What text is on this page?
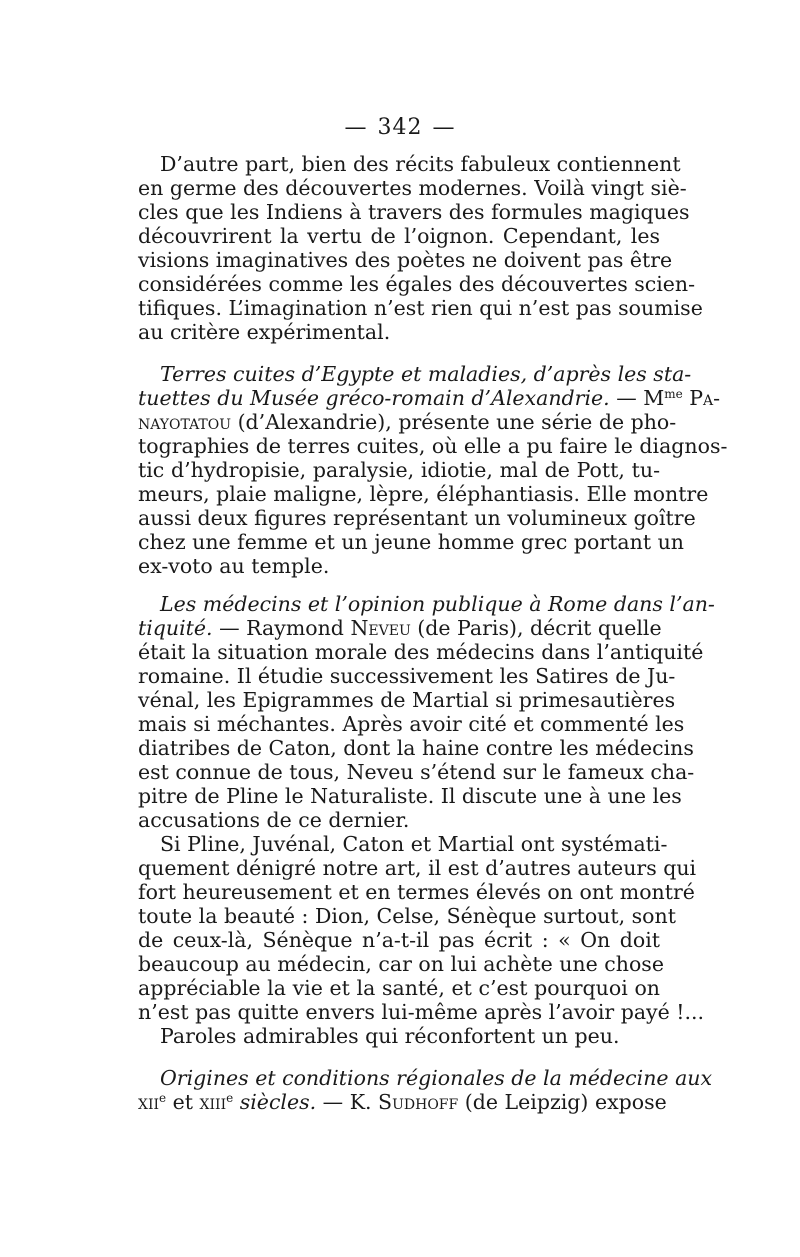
— 342 —
D’autre part, bien des récits fabuleux contiennent
en germe des découvertes modernes. Voilà vingt siè-
cles que les Indiens à travers des formules magiques
découvrirent la vertu de l’oignon. Cependant, les
visions imaginatives des poètes ne doivent pas être
considérées comme les égales des découvertes scien-
tifiques. L’imagination n’est rien qui n’est pas soumise
au critère expérimental.
Terres cuites d’Egypte et maladies, d’après les sta-
tuettes du Musée gréco-romain d’Alexandrie. — $M^{me}$ Pa-
nayotatou (d’Alexandrie), présente une série de pho-
tographies de terres cuites, où elle a pu faire le diagnos-
tic d’hydropisie, paralysie, idiotie, mal de Pott, tu-
meurs, plaie maligne, lèpre, éléphantiasis. Elle montre
aussi deux figures représentant un volumineux goître
chez une femme et un jeune homme grec portant un
ex-voto au temple.
Les médecins et l’opinion publique à Rome dans l’an-
tiquité. — Raymond Neveu (de Paris), décrit quelle
était la situation morale des médecins dans l’antiquité
romaine. Il étudie successivement les Satires de Ju-
vénal, les Epigrammes de Martial si primesautières
mais si méchantes. Après avoir cité et commenté les
diatribes de Caton, dont la haine contre les médecins
est connue de tous, Neveu s’étend sur le fameux cha-
pitre de Pline le Naturaliste. Il discute une à une les
accusations de ce dernier.
Si Pline, Juvénal, Caton et Martial ont systémati-
quement dénigré notre art, il est d’autres auteurs qui
fort heureusement et en termes élevés on ont montré
toute la beauté : Dion, Celse, Sénèque surtout, sont
de ceux-là, Sénèque n’a-t-il pas écrit : « On doit
beaucoup au médecin, car on lui achète une chose
appréciable la vie et la santé, et c’est pourquoi on
n’est pas quitte envers lui-même après l’avoir payé !...
Paroles admirables qui réconfortent un peu.
Origines et conditions régionales de la médecine aux
xii$^e$ et xiii$^e$ siècles. — K. Sudhoff (de Leipzig) expose
